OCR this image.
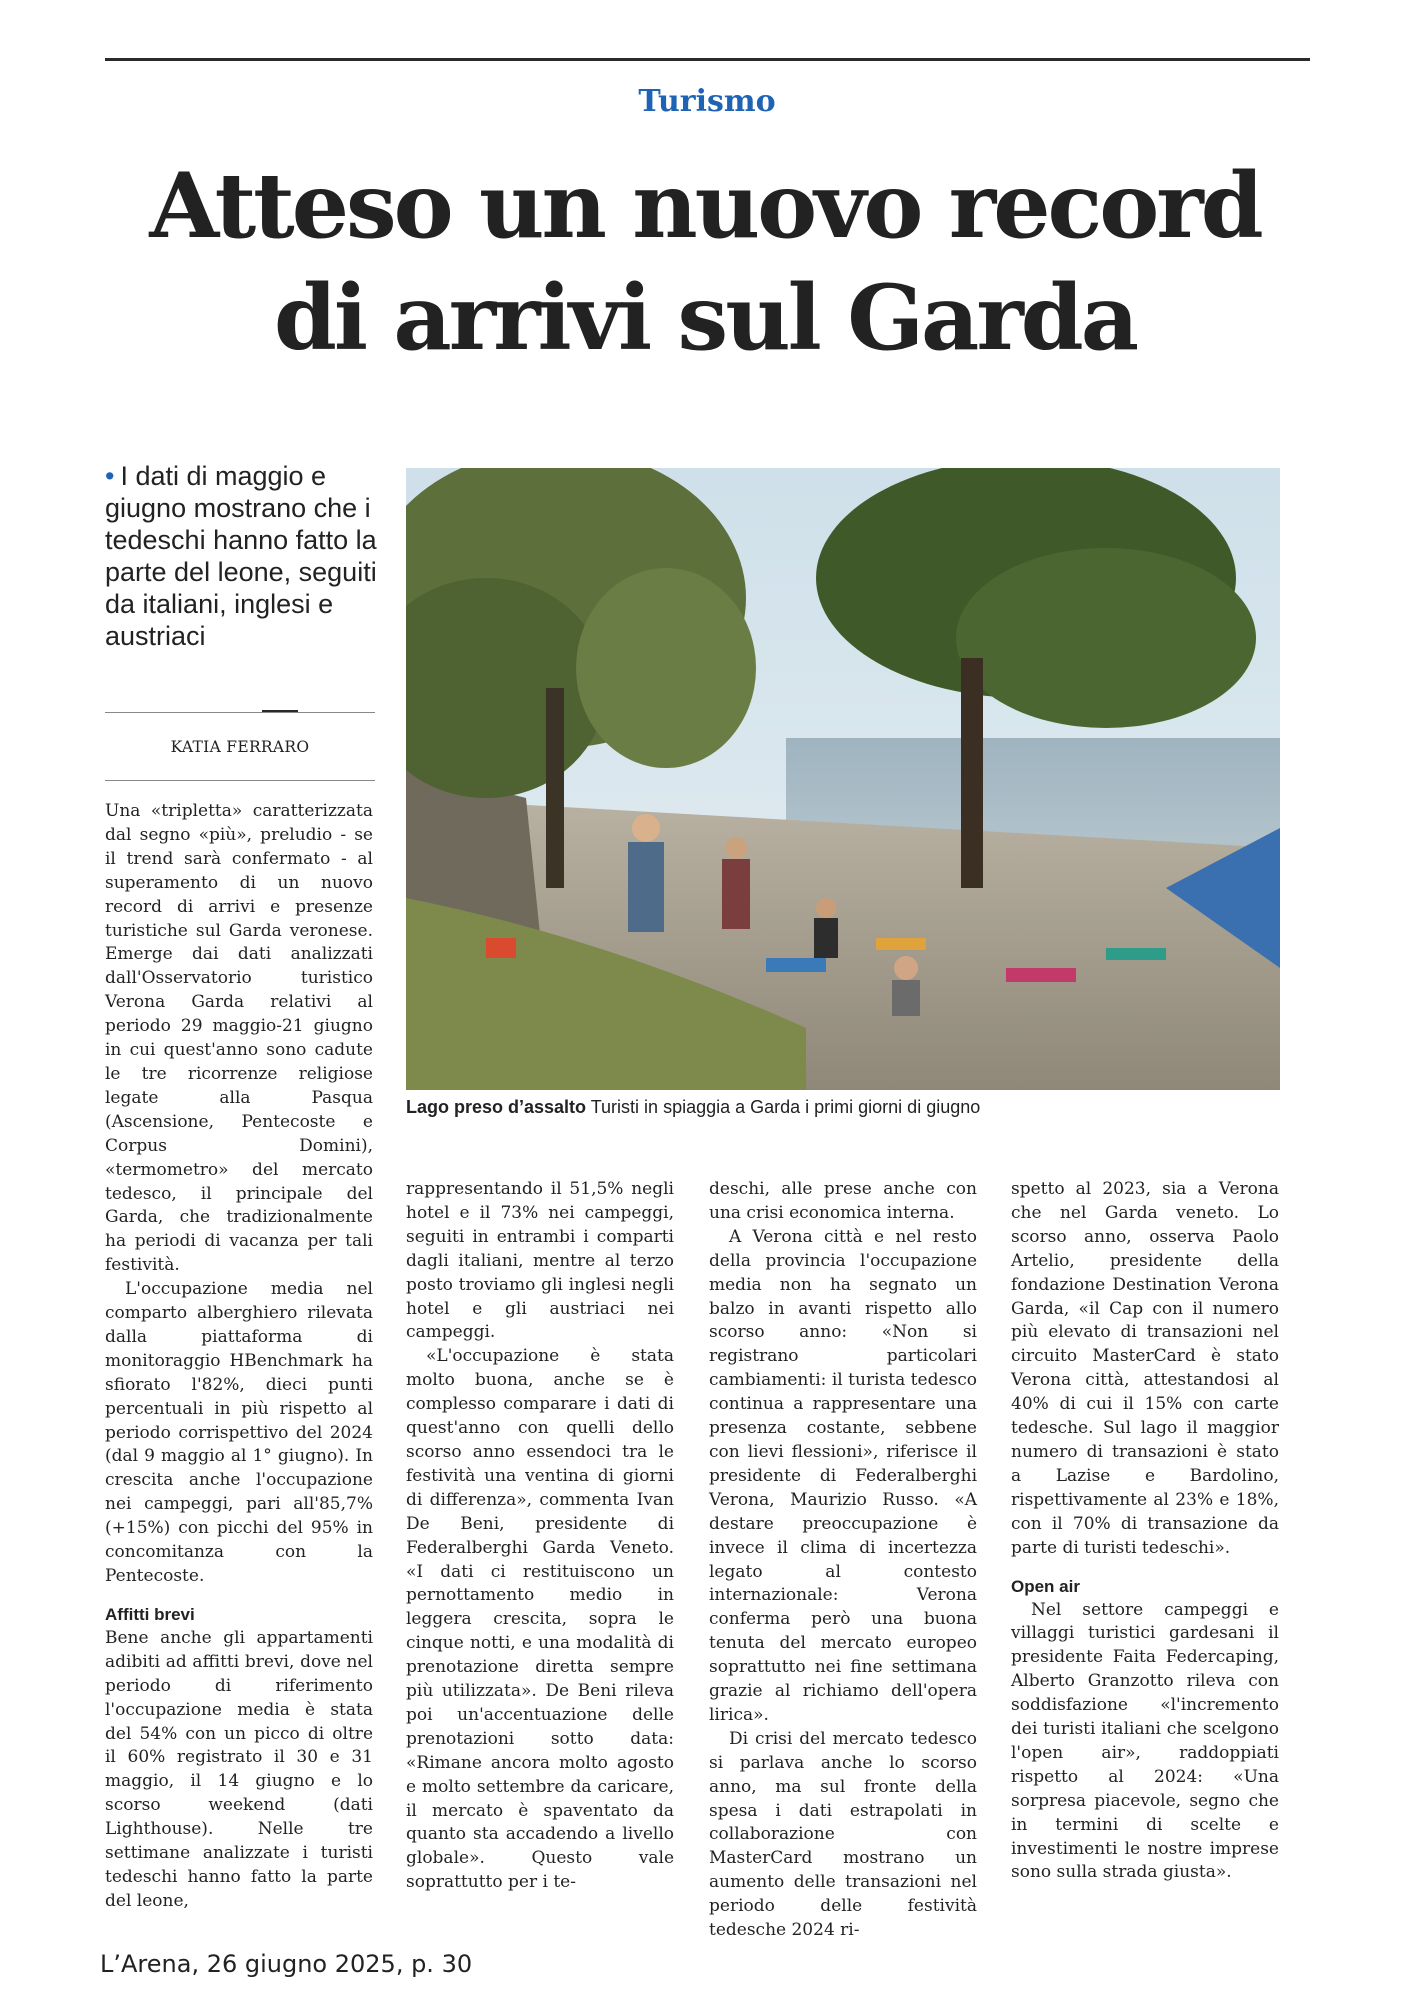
Turismo
Atteso un nuovo record
di arrivi sul Garda
• I dati di maggio e giugno mostrano che i tedeschi hanno fatto la parte del leone, seguiti da italiani, inglesi e austriaci
KATIA FERRARO
Lago preso d’assalto Turisti in spiaggia a Garda i primi giorni di giugno

Una «tripletta» caratterizzata dal segno «più», preludio - se il trend sarà confermato - al superamento di un nuovo record di arrivi e presenze turistiche sul Garda veronese. Emerge dai dati analizzati dall'Osservatorio turistico Verona Garda relativi al periodo 29 maggio-21 giugno in cui quest'anno sono cadute le tre ricorrenze religiose legate alla Pasqua (Ascensione, Pentecoste e Corpus Domini), «termometro» del mercato tedesco, il principale del Garda, che tradizionalmente ha periodi di vacanza per tali festività.

L'occupazione media nel comparto alberghiero rilevata dalla piattaforma di monitoraggio HBenchmark ha sfiorato l'82%, dieci punti percentuali in più rispetto al periodo corrispettivo del 2024 (dal 9 maggio al 1° giugno). In crescita anche l'occupazione nei campeggi, pari all'85,7% (+15%) con picchi del 95% in concomitanza con la Pentecoste.

Affitti brevi

Bene anche gli appartamenti adibiti ad affitti brevi, dove nel periodo di riferimento l'occupazione media è stata del 54% con un picco di oltre il 60% registrato il 30 e 31 maggio, il 14 giugno e lo scorso weekend (dati Lighthouse). Nelle tre settimane analizzate i turisti tedeschi hanno fatto la parte del leone,

rappresentando il 51,5% negli hotel e il 73% nei campeggi, seguiti in entrambi i comparti dagli italiani, mentre al terzo posto troviamo gli inglesi negli hotel e gli austriaci nei campeggi.

«L'occupazione è stata molto buona, anche se è complesso comparare i dati di quest'anno con quelli dello scorso anno essendoci tra le festività una ventina di giorni di differenza», commenta Ivan De Beni, presidente di Federalberghi Garda Veneto. «I dati ci restituiscono un pernottamento medio in leggera crescita, sopra le cinque notti, e una modalità di prenotazione diretta sempre più utilizzata». De Beni rileva poi un'accentuazione delle prenotazioni sotto data: «Rimane ancora molto agosto e molto settembre da caricare, il mercato è spaventato da quanto sta accadendo a livello globale». Questo vale soprattutto per i te-

deschi, alle prese anche con una crisi economica interna.

A Verona città e nel resto della provincia l'occupazione media non ha segnato un balzo in avanti rispetto allo scorso anno: «Non si registrano particolari cambiamenti: il turista tedesco continua a rappresentare una presenza costante, sebbene con lievi flessioni», riferisce il presidente di Federalberghi Verona, Maurizio Russo. «A destare preoccupazione è invece il clima di incertezza legato al contesto internazionale: Verona conferma però una buona tenuta del mercato europeo soprattutto nei fine settimana grazie al richiamo dell'opera lirica».

Di crisi del mercato tedesco si parlava anche lo scorso anno, ma sul fronte della spesa i dati estrapolati in collaborazione con MasterCard mostrano un aumento delle transazioni nel periodo delle festività tedesche 2024 ri-

spetto al 2023, sia a Verona che nel Garda veneto. Lo scorso anno, osserva Paolo Artelio, presidente della fondazione Destination Verona Garda, «il Cap con il numero più elevato di transazioni nel circuito MasterCard è stato Verona città, attestandosi al 40% di cui il 15% con carte tedesche. Sul lago il maggior numero di transazioni è stato a Lazise e Bardolino, rispettivamente al 23% e 18%, con il 70% di transazione da parte di turisti tedeschi».

Open air

Nel settore campeggi e villaggi turistici gardesani il presidente Faita Federcaping, Alberto Granzotto rileva con soddisfazione «l'incremento dei turisti italiani che scelgono l'open air», raddoppiati rispetto al 2024: «Una sorpresa piacevole, segno che in termini di scelte e investimenti le nostre imprese sono sulla strada giusta».

L’Arena, 26 giugno 2025, p. 30
